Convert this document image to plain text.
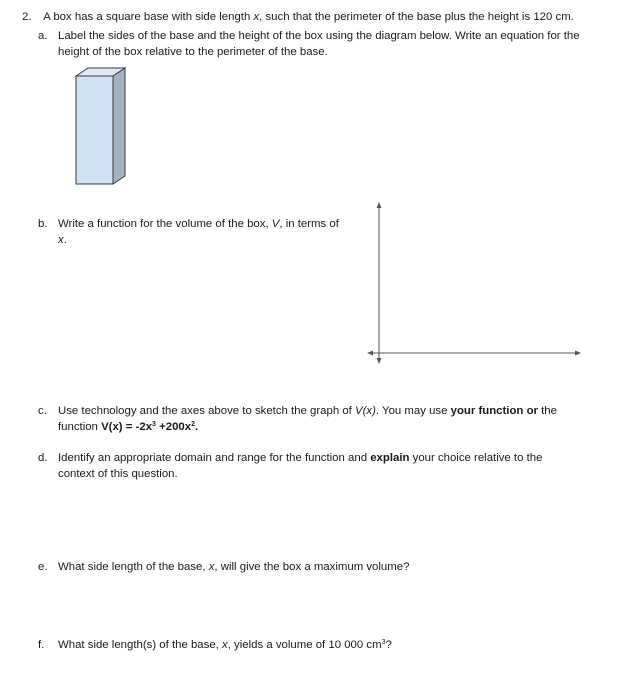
2. A box has a square base with side length x, such that the perimeter of the base plus the height is 120 cm.
a. Label the sides of the base and the height of the box using the diagram below. Write an equation for the
height of the box relative to the perimeter of the base.
b. Write a function for the volume of the box, V, in terms of
x.
c. Use technology and the axes above to sketch the graph of V(x). You may use your function or the
function $V(x) = -2x^3 +200x^2$.
d. Identify an appropriate domain and range for the function and explain your choice relative to the
context of this question.
e. What side length of the base, x, will give the box a maximum volume?
f. What side length(s) of the base, x, yields a volume of 10 000 $cm^3$?
